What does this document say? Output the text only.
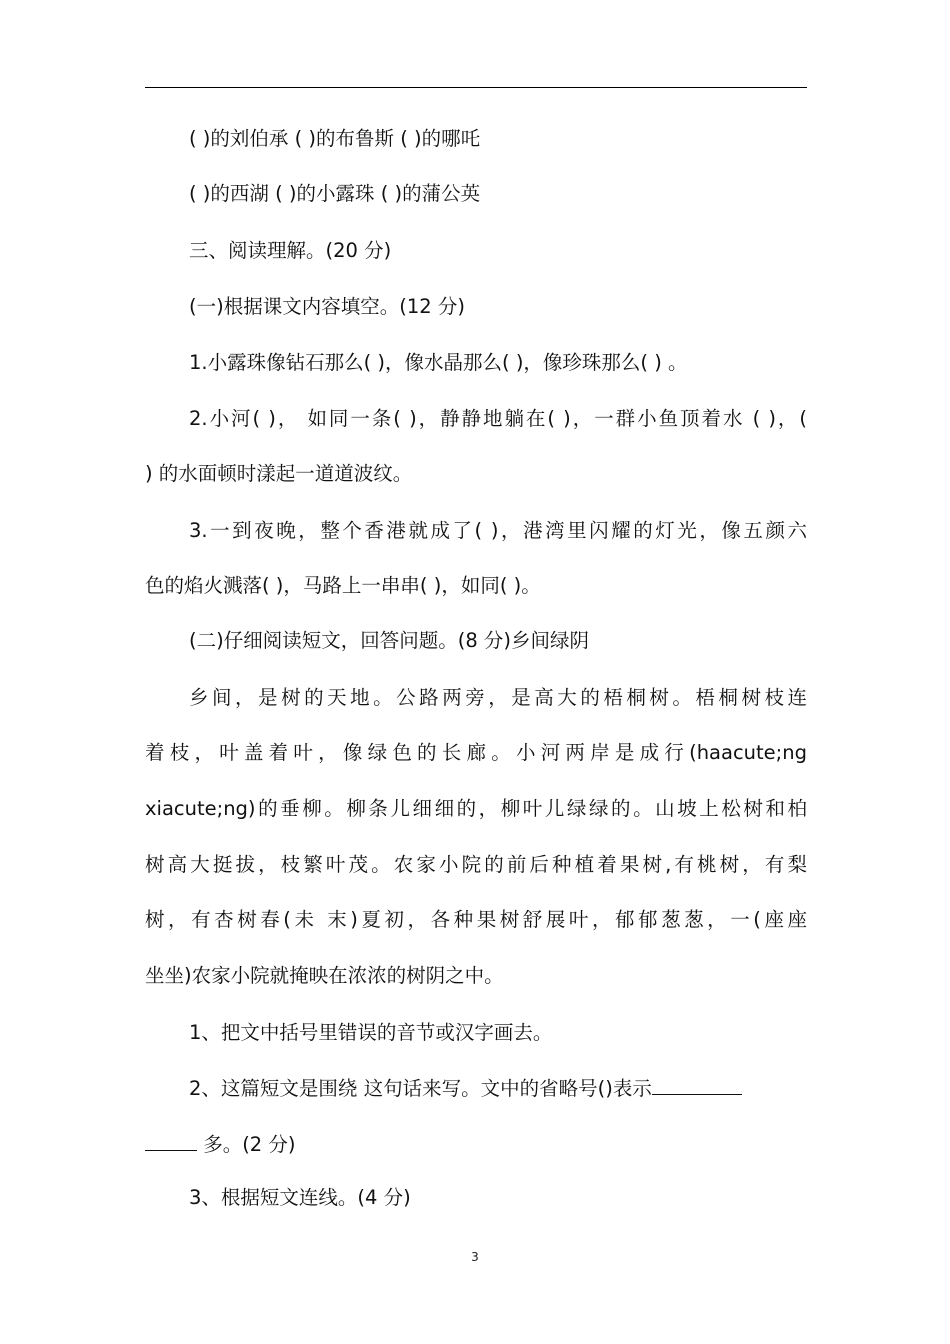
( )的刘伯承 ( )的布鲁斯 ( )的哪吒
( )的西湖 ( )的小露珠 ( )的蒲公英
三、阅读理解。(20 分)
(一)根据课文内容填空。(12 分)
1.小露珠像钻石那么( )，像水晶那么( )，像珍珠那么( ) 。
2.小河( )， 如同一条( )，静静地躺在( )，一群小鱼顶着水 ( )，(
) 的水面顿时漾起一道道波纹。
3.一到夜晚，整个香港就成了( )，港湾里闪耀的灯光，像五颜六
色的焰火溅落( )，马路上一串串( )，如同( )。
(二)仔细阅读短文，回答问题。(8 分)乡间绿阴
乡间，是树的天地。公路两旁，是高大的梧桐树。梧桐树枝连
着枝，叶盖着叶，像绿色的长廊。小河两岸是成行(haacute;ng
xiacute;ng)的垂柳。柳条儿细细的，柳叶儿绿绿的。山坡上松树和柏
树高大挺拔，枝繁叶茂。农家小院的前后种植着果树,有桃树，有梨
树，有杏树春(未 末)夏初，各种果树舒展叶，郁郁葱葱，一(座座
坐坐)农家小院就掩映在浓浓的树阴之中。
1、把文中括号里错误的音节或汉字画去。
2、这篇短文是围绕 这句话来写。文中的省略号()表示
多。(2 分)
3、根据短文连线。(4 分)
3
